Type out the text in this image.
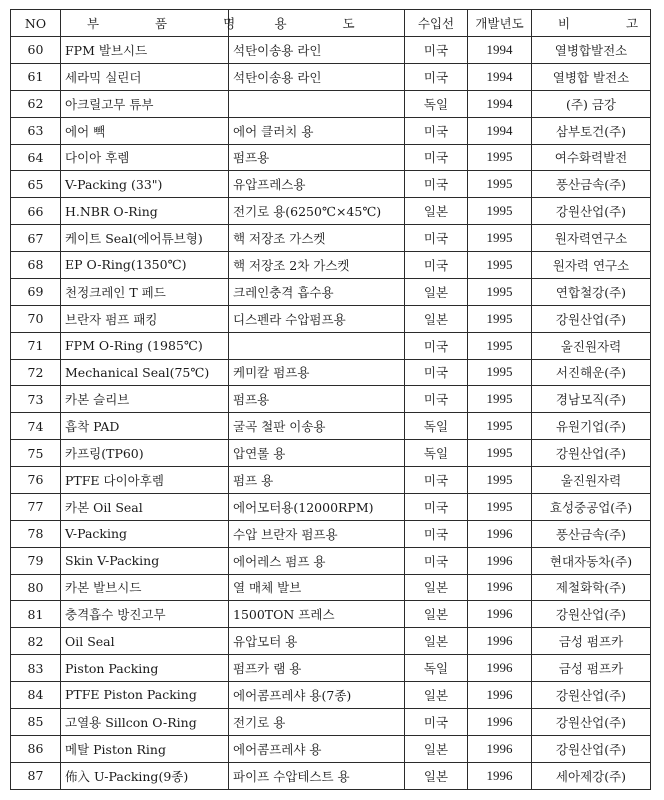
NO	부 품 명	용 도	수입선	개발년도	비 고
60	FPM 발브시드	석탄이송용 라인	미국	1994	열병합발전소
61	세라믹 실린더	석탄이송용 라인	미국	1994	열병합 발전소
62	아크릴고무 튜부		독일	1994	(주) 금강
63	에어 빽	에어 클러치 용	미국	1994	삼부토건(주)
64	다이아 후렘	펌프용	미국	1995	여수화력발전
65	V-Packing (33")	유압프레스용	미국	1995	풍산금속(주)
66	H.NBR O-Ring	전기로 용(6250℃×45℃)	일본	1995	강원산업(주)
67	케이트 Seal(에어튜브형)	핵 저장조 가스켓	미국	1995	원자력연구소
68	EP O-Ring(1350℃)	핵 저장조 2차 가스켓	미국	1995	원자력 연구소
69	천정크레인 T 페드	크레인충격 흡수용	일본	1995	연합철강(주)
70	브란자 펌프 패킹	디스펜라 수압펌프용	일본	1995	강원산업(주)
71	FPM O-Ring (1985℃)		미국	1995	울진원자력
72	Mechanical Seal(75℃)	케미칼 펌프용	미국	1995	서진해운(주)
73	카본 슬리브	펌프용	미국	1995	경남모직(주)
74	흡착 PAD	굴곡 철판 이송용	독일	1995	유원기업(주)
75	카프링(TP60)	압연롤 용	독일	1995	강원산업(주)
76	PTFE 다이아후렘	펌프 용	미국	1995	울진원자력
77	카본 Oil Seal	에어모터용(12000RPM)	미국	1995	효성중공업(주)
78	V-Packing	수압 브란자 펌프용	미국	1996	풍산금속(주)
79	Skin V-Packing	에어레스 펌프 용	미국	1996	현대자동차(주)
80	카본 발브시드	열 매체 발브	일본	1996	제철화학(주)
81	충격흡수 방진고무	1500TON 프레스	일본	1996	강원산업(주)
82	Oil Seal	유압모터 용	일본	1996	금성 펌프카
83	Piston Packing	펌프카 램 용	독일	1996	금성 펌프카
84	PTFE Piston Packing	에어콤프레샤 용(7종)	일본	1996	강원산업(주)
85	고열용 Sillcon O-Ring	전기로 용	미국	1996	강원산업(주)
86	메탈 Piston Ring	에어콤프레샤 용	일본	1996	강원산업(주)
87	佈入 U-Packing(9종)	파이프 수압테스트 용	일본	1996	세아제강(주)
